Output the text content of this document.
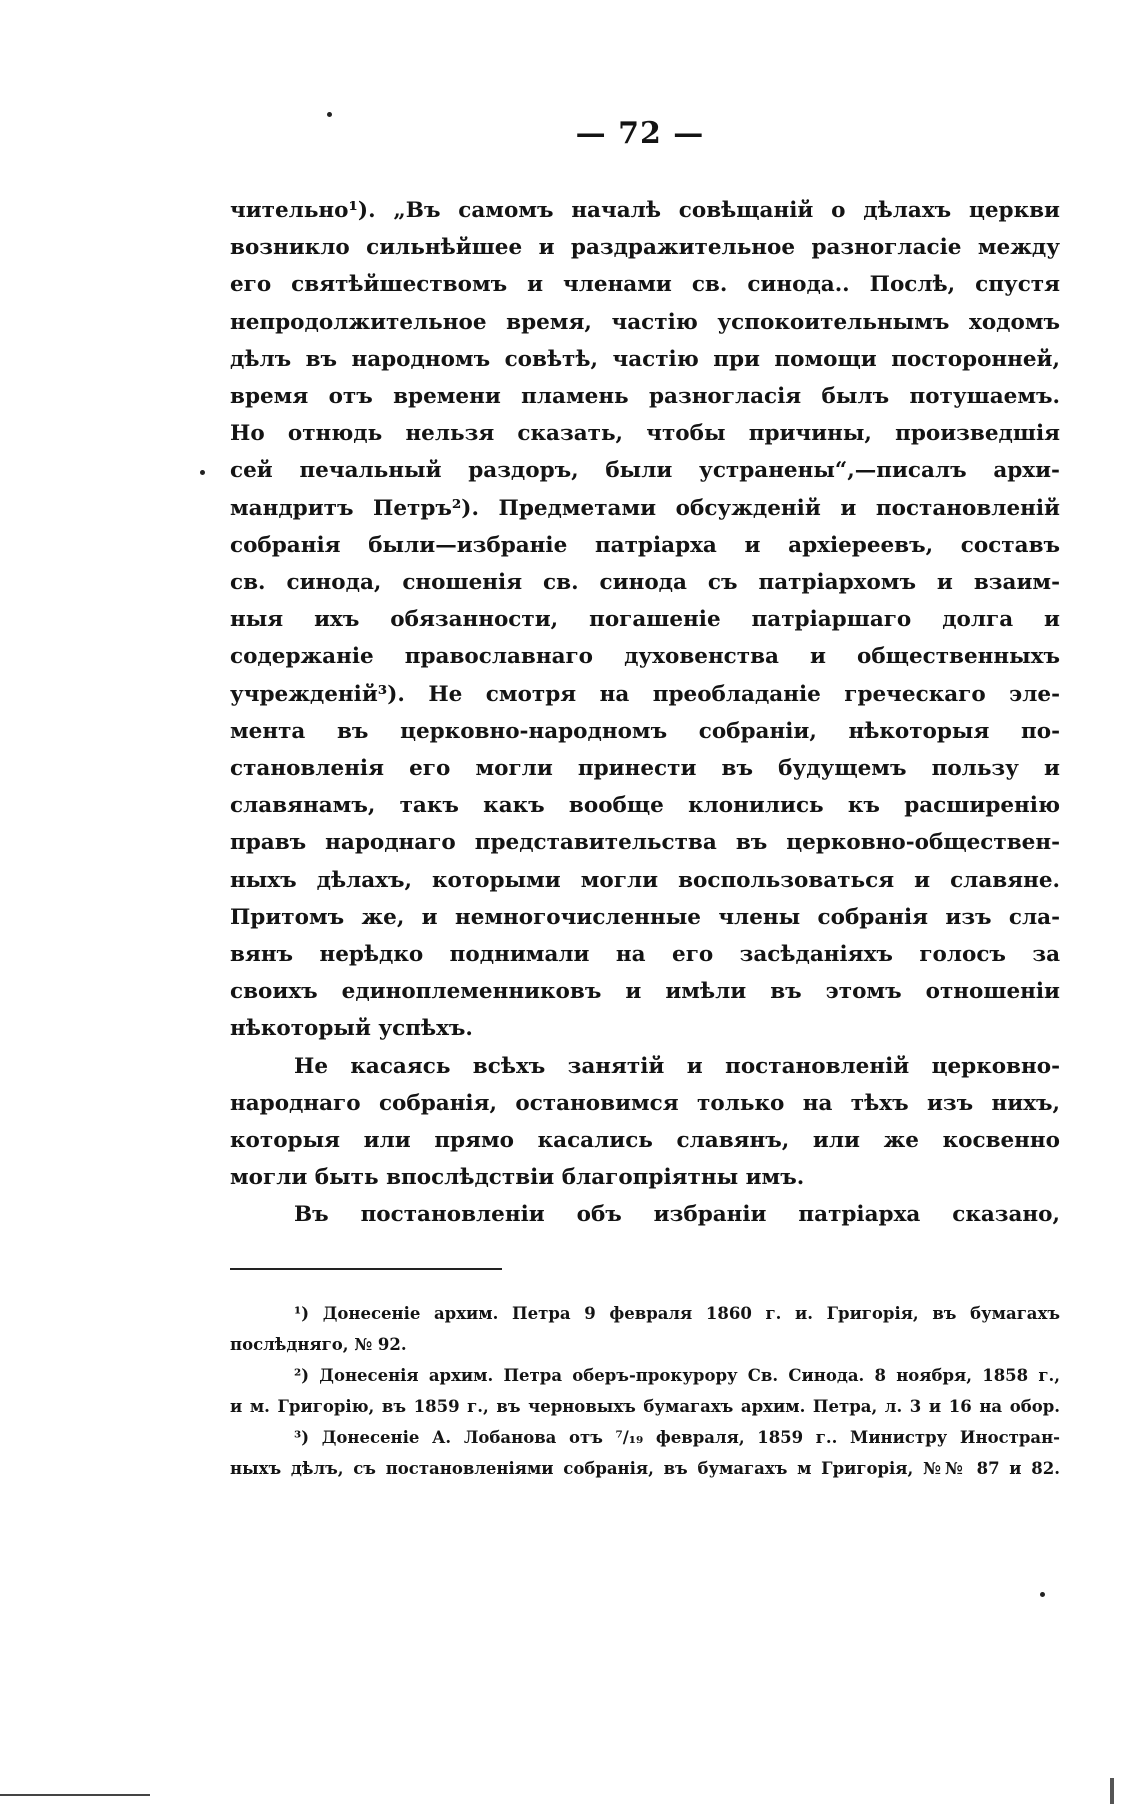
— 72 —
чительно¹). „Въ самомъ началѣ совѣщаній о дѣлахъ церкви
возникло сильнѣйшее и раздражительное разногласіе между
его святѣйшествомъ и членами св. синода.. Послѣ, спустя
непродолжительное время, частію успокоительнымъ ходомъ
дѣлъ въ народномъ совѣтѣ, частію при помощи посторонней,
время отъ времени пламень разногласія былъ потушаемъ.
Но отнюдь нельзя сказать, чтобы причины, произведшія
сей печальный раздоръ, были устранены“,—писалъ архи-
мандритъ Петръ²). Предметами обсужденій и постановленій
собранія были—избраніе патріарха и архіереевъ, составъ
св. синода, сношенія св. синода съ патріархомъ и взаим-
ныя ихъ обязанности, погашеніе патріаршаго долга и
содержаніе православнаго духовенства и общественныхъ
учрежденій³). Не смотря на преобладаніе греческаго эле-
мента въ церковно-народномъ собраніи, нѣкоторыя по-
становленія его могли принести въ будущемъ пользу и
славянамъ, такъ какъ вообще клонились къ расширенію
правъ народнаго представительства въ церковно-обществен-
ныхъ дѣлахъ, которыми могли воспользоваться и славяне.
Притомъ же, и немногочисленные члены собранія изъ сла-
вянъ нерѣдко поднимали на его засѣданіяхъ голосъ за
своихъ единоплеменниковъ и имѣли въ этомъ отношеніи
нѣкоторый успѣхъ.
Не касаясь всѣхъ занятій и постановленій церковно-
народнаго собранія, остановимся только на тѣхъ изъ нихъ,
которыя или прямо касались славянъ, или же косвенно
могли быть впослѣдствіи благопріятны имъ.
Въ постановленіи объ избраніи патріарха сказано,
¹) Донесеніе архим. Петра 9 февраля 1860 г. и. Григорія, въ бумагахъ
послѣдняго, № 92.
²) Донесенія архим. Петра оберъ-прокурору Св. Синода. 8 ноября, 1858 г.,
и м. Григорію, въ 1859 г., въ черновыхъ бумагахъ архим. Петра, л. 3 и 16 на обор.
³) Донесеніе А. Лобанова отъ ⁷/₁₉ февраля, 1859 г.. Министру Иностран-
ныхъ дѣлъ, съ постановленіями собранія, въ бумагахъ м Григорія, №№ 87 и 82.
